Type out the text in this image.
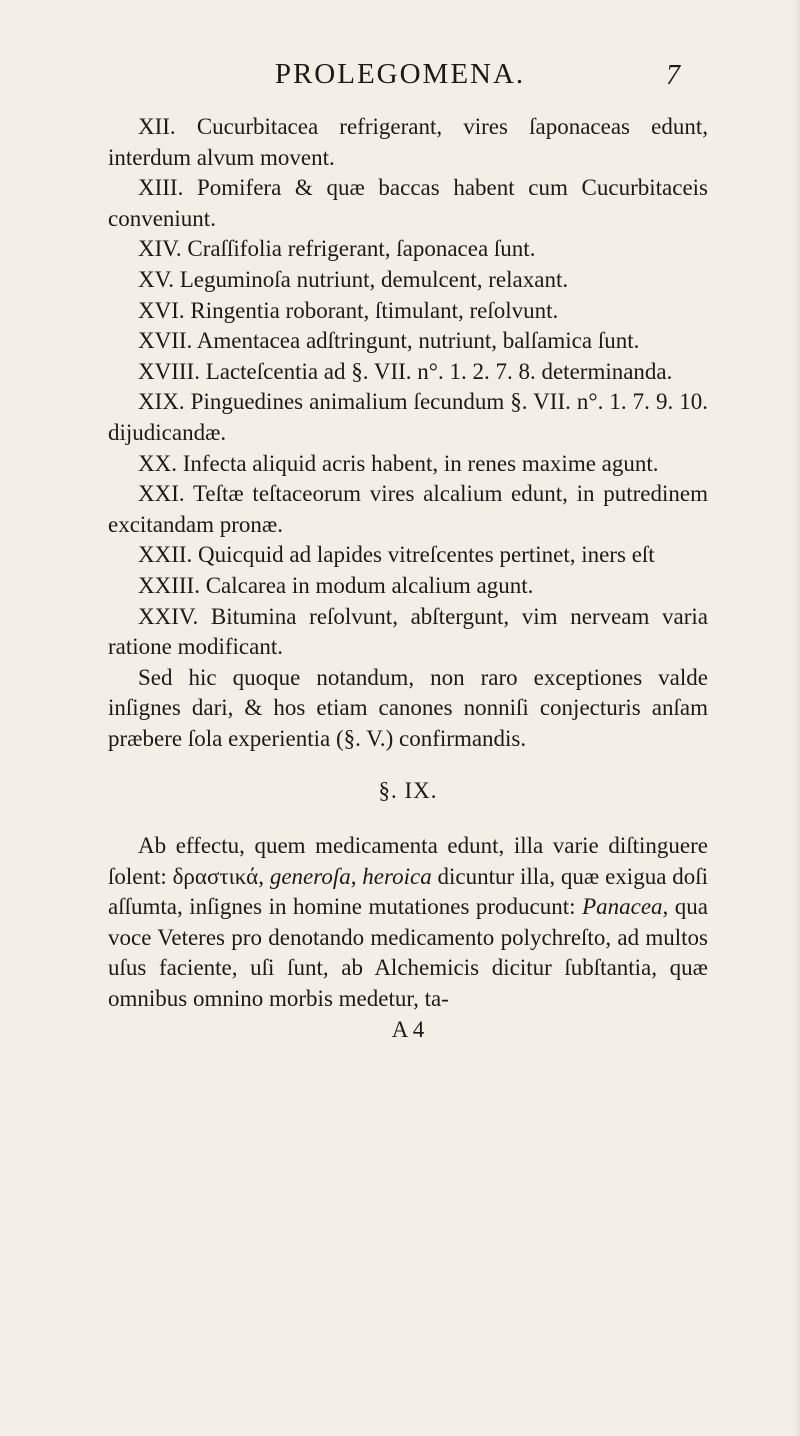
PROLEGOMENA.	7

XII. Cucurbitacea refrigerant, vires ſaponaceas edunt, interdum alvum movent.

XIII. Pomifera & quæ baccas habent cum Cucurbitaceis conveniunt.

XIV. Craſſifolia refrigerant, ſaponacea ſunt.

XV. Leguminoſa nutriunt, demulcent, relaxant.

XVI. Ringentia roborant, ſtimulant, reſolvunt.

XVII. Amentacea adſtringunt, nutriunt, balſamica ſunt.

XVIII. Lacteſcentia ad §. VII. n°. 1. 2. 7. 8. determinanda.

XIX. Pinguedines animalium ſecundum §. VII. n°. 1. 7. 9. 10. dijudicandæ.

XX. Infecta aliquid acris habent, in renes maxime agunt.

XXI. Teſtæ teſtaceorum vires alcalium edunt, in putredinem excitandam pronæ.

XXII. Quicquid ad lapides vitreſcentes pertinet, iners eſt

XXIII. Calcarea in modum alcalium agunt.

XXIV. Bitumina reſolvunt, abſtergunt, vim nerveam varia ratione modificant.

Sed hic quoque notandum, non raro exceptiones valde inſignes dari, & hos etiam canones nonniſi conjecturis anſam præbere ſola experientia (§. V.) confirmandis.

§. IX.

Ab effectu, quem medicamenta edunt, illa varie diſtinguere ſolent: δραστικά, generoſa, heroica dicuntur illa, quæ exigua doſi aſſumta, inſignes in homine mutationes producunt: Panacea, qua voce Veteres pro denotando medicamento polychreſto, ad multos uſus faciente, uſi ſunt, ab Alchemicis dicitur ſubſtantia, quæ omnibus omnino morbis medetur, ta-

A 4
